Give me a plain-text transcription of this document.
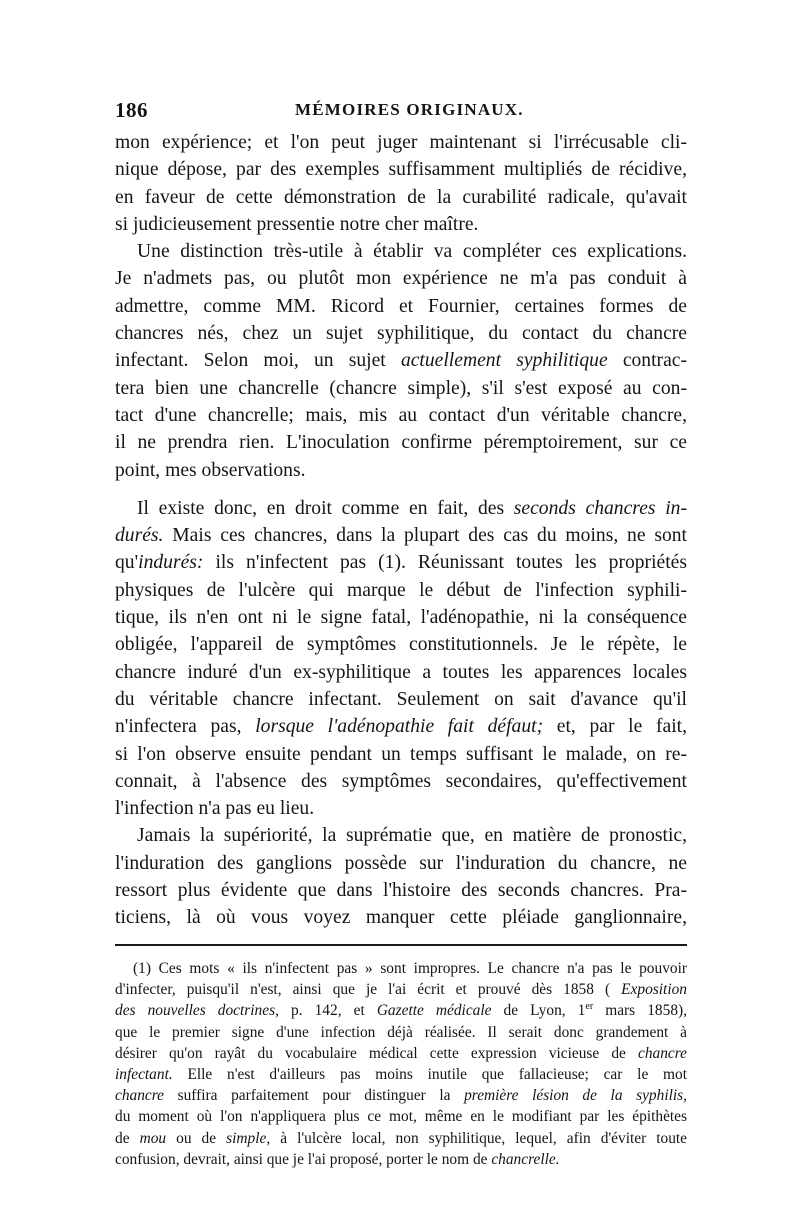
186	MÉMOIRES ORIGINAUX.
mon expérience; et l'on peut juger maintenant si l'irrécusable cli-
nique dépose, par des exemples suffisamment multipliés de récidive,
en faveur de cette démonstration de la curabilité radicale, qu'avait
si judicieusement pressentie notre cher maître.
Une distinction très-utile à établir va compléter ces explications.
Je n'admets pas, ou plutôt mon expérience ne m'a pas conduit à
admettre, comme MM. Ricord et Fournier, certaines formes de
chancres nés, chez un sujet syphilitique, du contact du chancre
infectant. Selon moi, un sujet actuellement syphilitique contrac-
tera bien une chancrelle (chancre simple), s'il s'est exposé au con-
tact d'une chancrelle; mais, mis au contact d'un véritable chancre,
il ne prendra rien. L'inoculation confirme péremptoirement, sur ce
point, mes observations.
Il existe donc, en droit comme en fait, des seconds chancres in-
durés. Mais ces chancres, dans la plupart des cas du moins, ne sont
qu'indurés: ils n'infectent pas (1). Réunissant toutes les propriétés
physiques de l'ulcère qui marque le début de l'infection syphili-
tique, ils n'en ont ni le signe fatal, l'adénopathie, ni la conséquence
obligée, l'appareil de symptômes constitutionnels. Je le répète, le
chancre induré d'un ex-syphilitique a toutes les apparences locales
du véritable chancre infectant. Seulement on sait d'avance qu'il
n'infectera pas, lorsque l'adénopathie fait défaut; et, par le fait,
si l'on observe ensuite pendant un temps suffisant le malade, on re-
connait, à l'absence des symptômes secondaires, qu'effectivement
l'infection n'a pas eu lieu.
Jamais la supériorité, la suprématie que, en matière de pronostic,
l'induration des ganglions possède sur l'induration du chancre, ne
ressort plus évidente que dans l'histoire des seconds chancres. Pra-
ticiens, là où vous voyez manquer cette pléiade ganglionnaire,
(1) Ces mots « ils n'infectent pas » sont impropres. Le chancre n'a pas le pouvoir
d'infecter, puisqu'il n'est, ainsi que je l'ai écrit et prouvé dès 1858 ( Exposition
des nouvelles doctrines, p. 142, et Gazette médicale de Lyon, 1er mars 1858),
que le premier signe d'une infection déjà réalisée. Il serait donc grandement à
désirer qu'on rayât du vocabulaire médical cette expression vicieuse de chancre
infectant. Elle n'est d'ailleurs pas moins inutile que fallacieuse; car le mot
chancre suffira parfaitement pour distinguer la première lésion de la syphilis,
du moment où l'on n'appliquera plus ce mot, même en le modifiant par les épithètes
de mou ou de simple, à l'ulcère local, non syphilitique, lequel, afin d'éviter toute
confusion, devrait, ainsi que je l'ai proposé, porter le nom de chancrelle.
